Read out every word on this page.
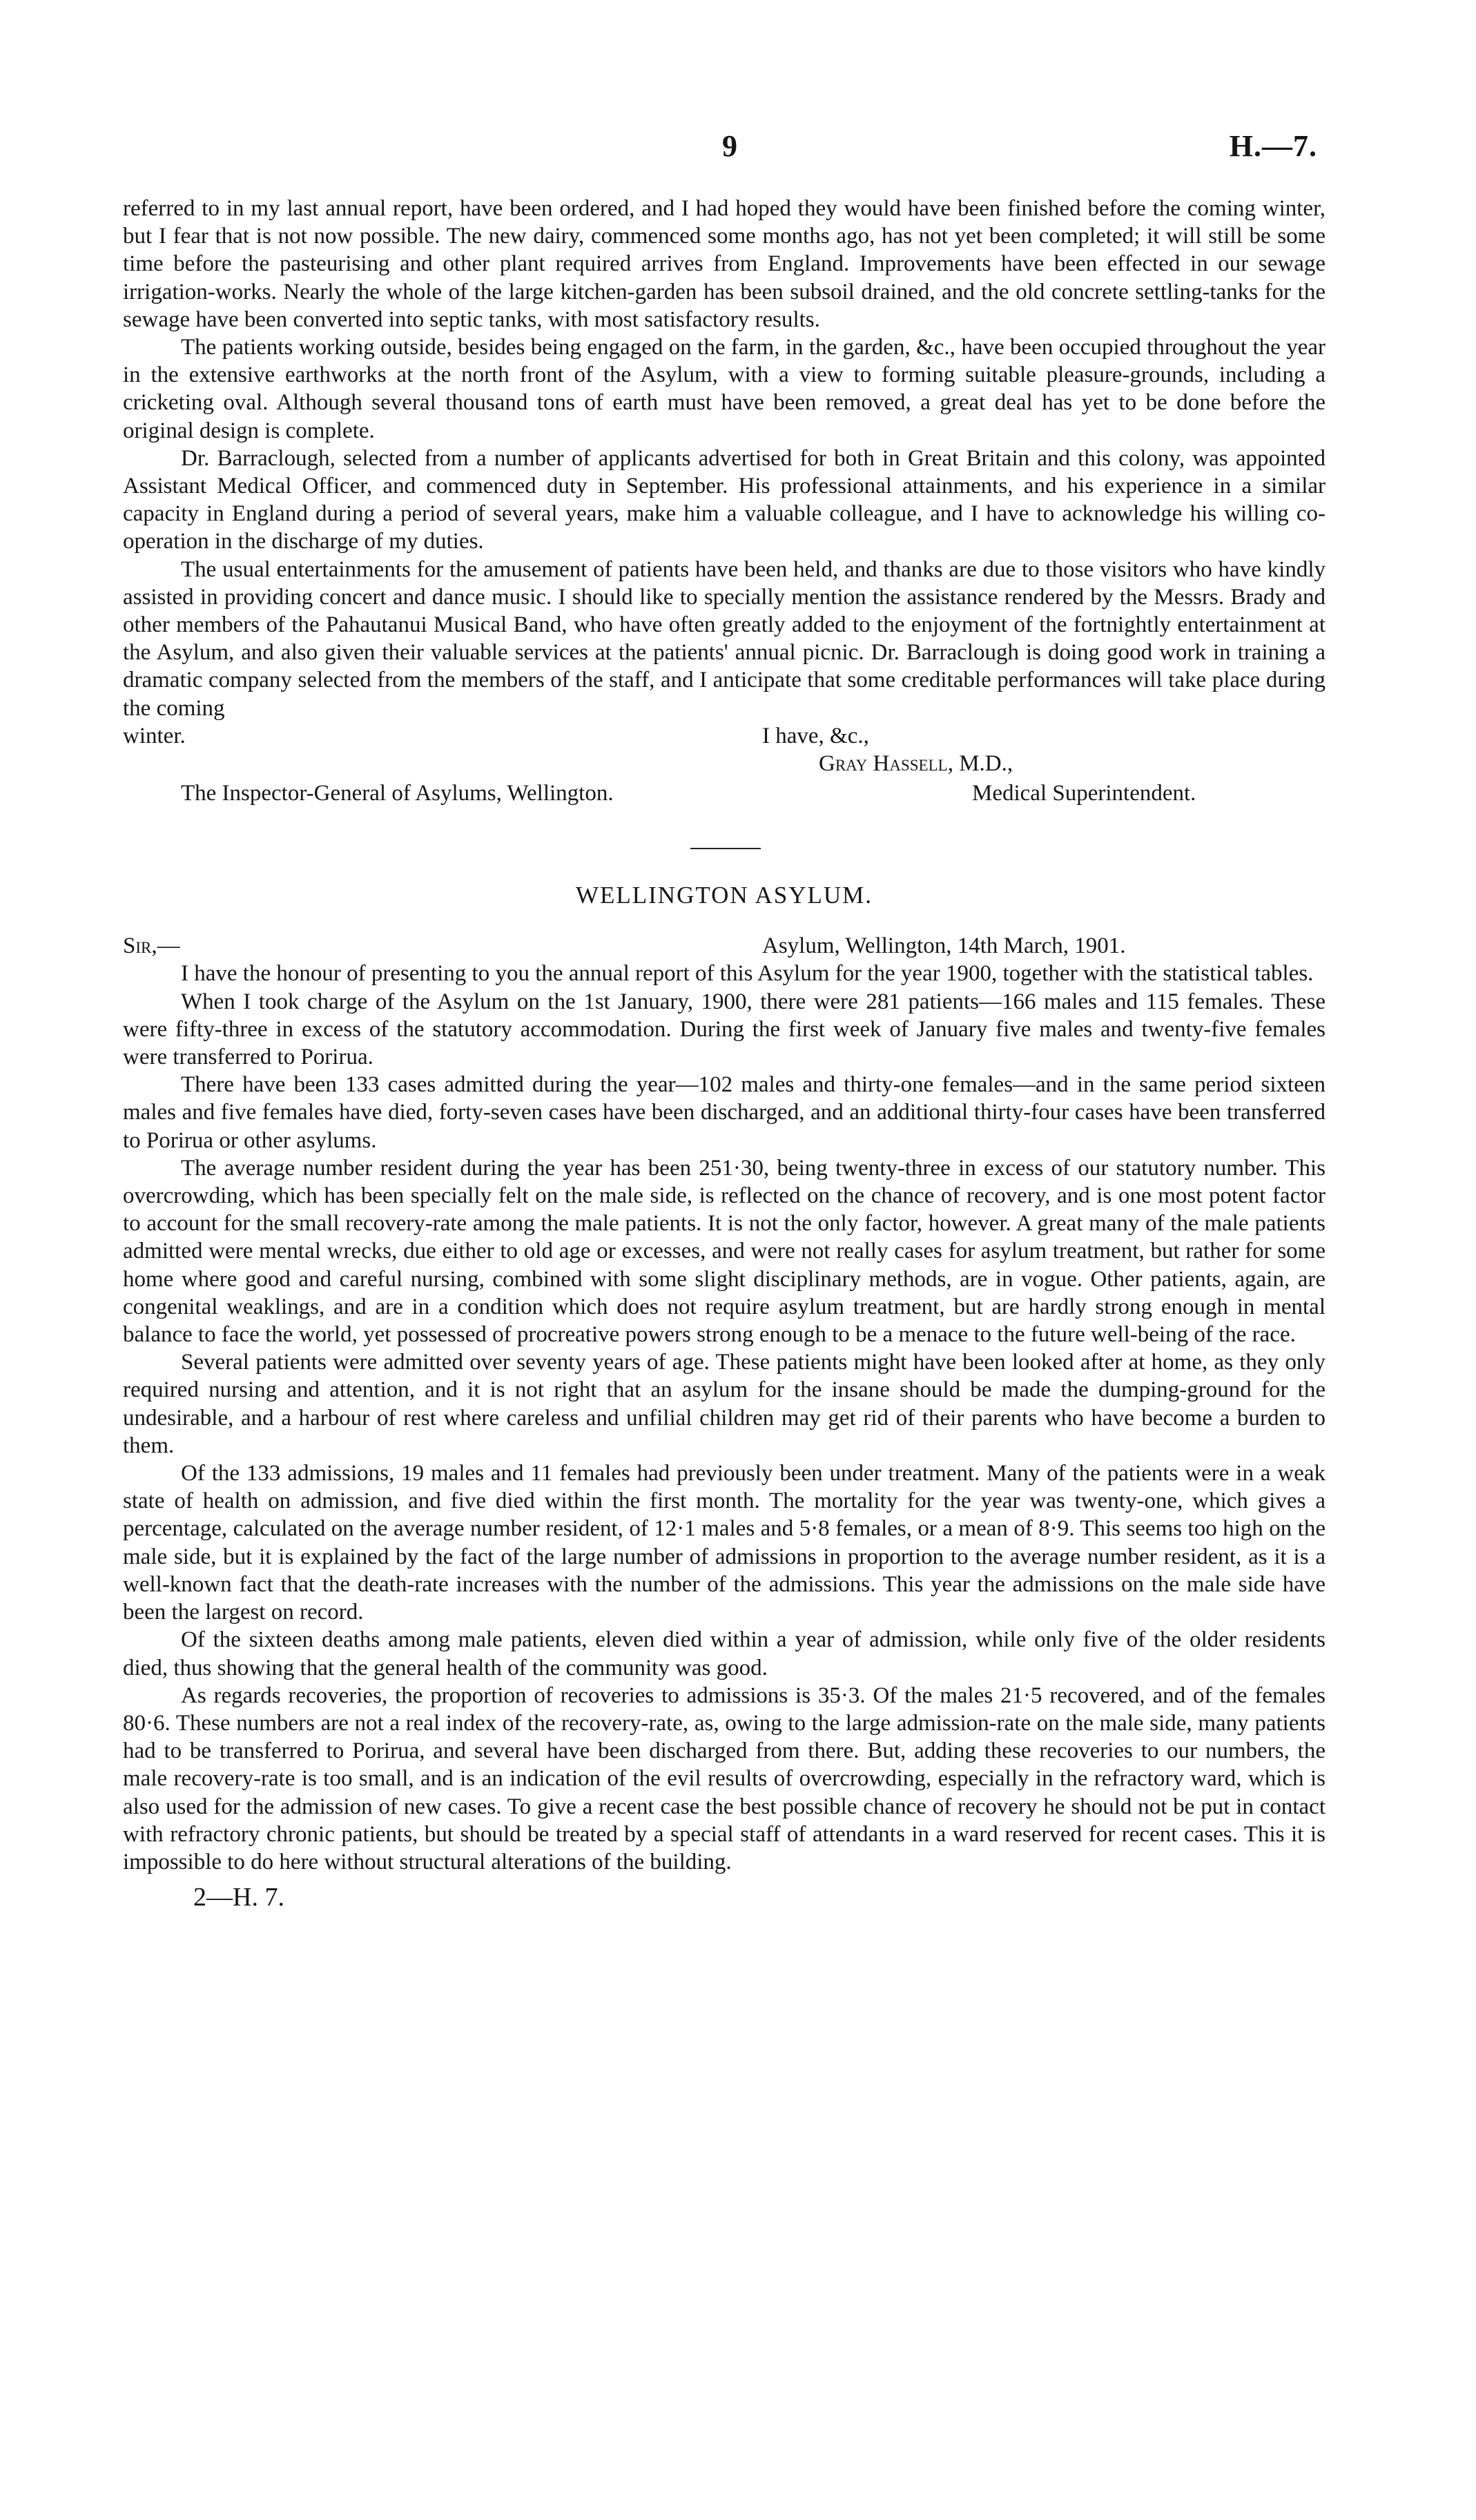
9	H.—7.

referred to in my last annual report, have been ordered, and I had hoped they would have been finished before the coming winter, but I fear that is not now possible. The new dairy, commenced some months ago, has not yet been completed; it will still be some time before the pasteurising and other plant required arrives from England. Improvements have been effected in our sewage irrigation-works. Nearly the whole of the large kitchen-garden has been subsoil drained, and the old concrete settling-tanks for the sewage have been converted into septic tanks, with most satisfactory results.

The patients working outside, besides being engaged on the farm, in the garden, &c., have been occupied throughout the year in the extensive earthworks at the north front of the Asylum, with a view to forming suitable pleasure-grounds, including a cricketing oval. Although several thousand tons of earth must have been removed, a great deal has yet to be done before the original design is complete.

Dr. Barraclough, selected from a number of applicants advertised for both in Great Britain and this colony, was appointed Assistant Medical Officer, and commenced duty in September. His professional attainments, and his experience in a similar capacity in England during a period of several years, make him a valuable colleague, and I have to acknowledge his willing co-operation in the discharge of my duties.

The usual entertainments for the amusement of patients have been held, and thanks are due to those visitors who have kindly assisted in providing concert and dance music. I should like to specially mention the assistance rendered by the Messrs. Brady and other members of the Pahautanui Musical Band, who have often greatly added to the enjoyment of the fortnightly entertainment at the Asylum, and also given their valuable services at the patients' annual picnic. Dr. Barraclough is doing good work in training a dramatic company selected from the members of the staff, and I anticipate that some creditable performances will take place during the coming

winter.	I have, &c.,
Gray Hassell, M.D.,
The Inspector-General of Asylums, Wellington.	Medical Superintendent.
WELLINGTON ASYLUM.
Sir,—	Asylum, Wellington, 14th March, 1901.

I have the honour of presenting to you the annual report of this Asylum for the year 1900, together with the statistical tables.

When I took charge of the Asylum on the 1st January, 1900, there were 281 patients—166 males and 115 females. These were fifty-three in excess of the statutory accommodation. During the first week of January five males and twenty-five females were transferred to Porirua.

There have been 133 cases admitted during the year—102 males and thirty-one females—and in the same period sixteen males and five females have died, forty-seven cases have been discharged, and an additional thirty-four cases have been transferred to Porirua or other asylums.

The average number resident during the year has been 251·30, being twenty-three in excess of our statutory number. This overcrowding, which has been specially felt on the male side, is reflected on the chance of recovery, and is one most potent factor to account for the small recovery-rate among the male patients. It is not the only factor, however. A great many of the male patients admitted were mental wrecks, due either to old age or excesses, and were not really cases for asylum treatment, but rather for some home where good and careful nursing, combined with some slight disciplinary methods, are in vogue. Other patients, again, are congenital weaklings, and are in a condition which does not require asylum treatment, but are hardly strong enough in mental balance to face the world, yet possessed of procreative powers strong enough to be a menace to the future well-being of the race.

Several patients were admitted over seventy years of age. These patients might have been looked after at home, as they only required nursing and attention, and it is not right that an asylum for the insane should be made the dumping-ground for the undesirable, and a harbour of rest where careless and unfilial children may get rid of their parents who have become a burden to them.

Of the 133 admissions, 19 males and 11 females had previously been under treatment. Many of the patients were in a weak state of health on admission, and five died within the first month. The mortality for the year was twenty-one, which gives a percentage, calculated on the average number resident, of 12·1 males and 5·8 females, or a mean of 8·9. This seems too high on the male side, but it is explained by the fact of the large number of admissions in proportion to the average number resident, as it is a well-known fact that the death-rate increases with the number of the admissions. This year the admissions on the male side have been the largest on record.

Of the sixteen deaths among male patients, eleven died within a year of admission, while only five of the older residents died, thus showing that the general health of the community was good.

As regards recoveries, the proportion of recoveries to admissions is 35·3. Of the males 21·5 recovered, and of the females 80·6. These numbers are not a real index of the recovery-rate, as, owing to the large admission-rate on the male side, many patients had to be transferred to Porirua, and several have been discharged from there. But, adding these recoveries to our numbers, the male recovery-rate is too small, and is an indication of the evil results of overcrowding, especially in the refractory ward, which is also used for the admission of new cases. To give a recent case the best possible chance of recovery he should not be put in contact with refractory chronic patients, but should be treated by a special staff of attendants in a ward reserved for recent cases. This it is impossible to do here without structural alterations of the building.

2—H. 7.
